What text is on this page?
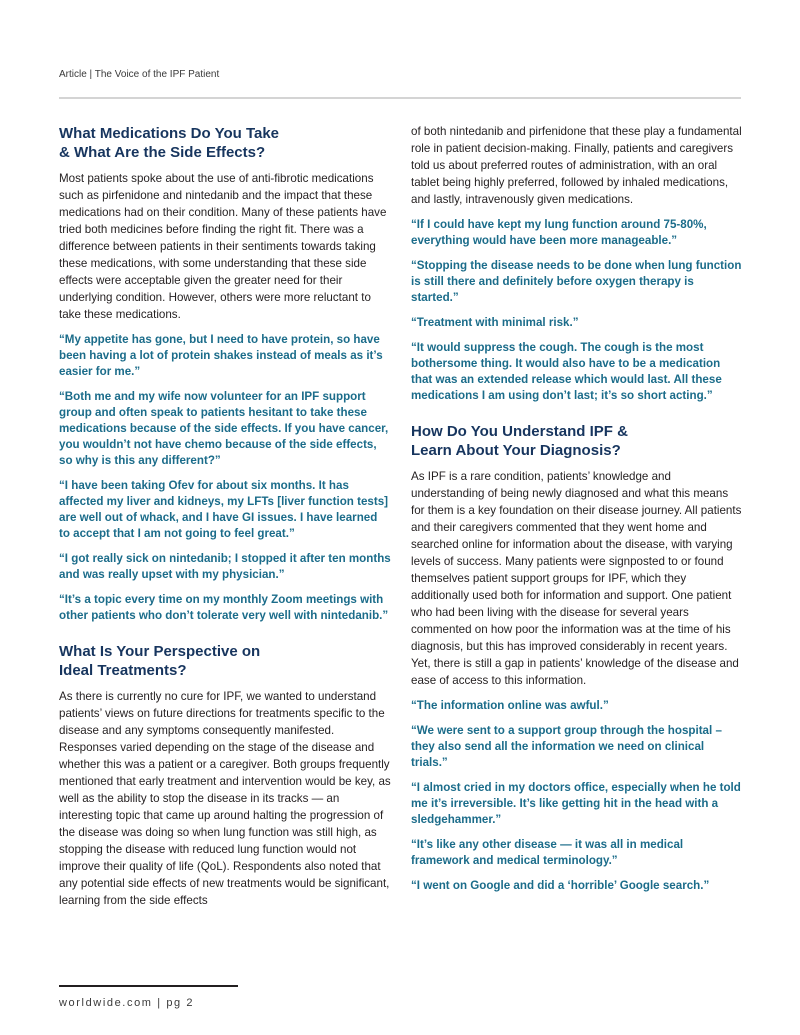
Article | The Voice of the IPF Patient
What Medications Do You Take
& What Are the Side Effects?

Most patients spoke about the use of anti-fibrotic medications such as pirfenidone and nintedanib and the impact that these medications had on their condition. Many of these patients have tried both medicines before finding the right fit. There was a difference between patients in their sentiments towards taking these medications, with some understanding that these side effects were acceptable given the greater need for their underlying condition. However, others were more reluctant to take these medications.

“My appetite has gone, but I need to have protein, so have been having a lot of protein shakes instead of meals as it’s easier for me.”

“Both me and my wife now volunteer for an IPF support group and often speak to patients hesitant to take these medications because of the side effects. If you have cancer, you wouldn’t not have chemo because of the side effects, so why is this any different?”

“I have been taking Ofev for about six months. It has affected my liver and kidneys, my LFTs [liver function tests] are well out of whack, and I have GI issues. I have learned to accept that I am not going to feel great.”

“I got really sick on nintedanib; I stopped it after ten months and was really upset with my physician.”

“It’s a topic every time on my monthly Zoom meetings with other patients who don’t tolerate very well with nintedanib.”

What Is Your Perspective on
Ideal Treatments?

As there is currently no cure for IPF, we wanted to understand patients’ views on future directions for treatments specific to the disease and any symptoms consequently manifested. Responses varied depending on the stage of the disease and whether this was a patient or a caregiver. Both groups frequently mentioned that early treatment and intervention would be key, as well as the ability to stop the disease in its tracks — an interesting topic that came up around halting the progression of the disease was doing so when lung function was still high, as stopping the disease with reduced lung function would not improve their quality of life (QoL). Respondents also noted that any potential side effects of new treatments would be significant, learning from the side effects

of both nintedanib and pirfenidone that these play a fundamental role in patient decision-making. Finally, patients and caregivers told us about preferred routes of administration, with an oral tablet being highly preferred, followed by inhaled medications, and lastly, intravenously given medications.

“If I could have kept my lung function around 75-80%, everything would have been more manageable.”

“Stopping the disease needs to be done when lung function is still there and definitely before oxygen therapy is started.”

“Treatment with minimal risk.”

“It would suppress the cough. The cough is the most bothersome thing. It would also have to be a medication that was an extended release which would last. All these medications I am using don’t last; it’s so short acting.”

How Do You Understand IPF &
Learn About Your Diagnosis?

As IPF is a rare condition, patients’ knowledge and understanding of being newly diagnosed and what this means for them is a key foundation on their disease journey. All patients and their caregivers commented that they went home and searched online for information about the disease, with varying levels of success. Many patients were signposted to or found themselves patient support groups for IPF, which they additionally used both for information and support. One patient who had been living with the disease for several years commented on how poor the information was at the time of his diagnosis, but this has improved considerably in recent years. Yet, there is still a gap in patients’ knowledge of the disease and ease of access to this information.

“The information online was awful.”

“We were sent to a support group through the hospital – they also send all the information we need on clinical trials.”

“I almost cried in my doctors office, especially when he told me it’s irreversible. It’s like getting hit in the head with a sledgehammer.”

“It’s like any other disease — it was all in medical framework and medical terminology.”

“I went on Google and did a ‘horrible’ Google search.”

worldwide.com | pg 2
